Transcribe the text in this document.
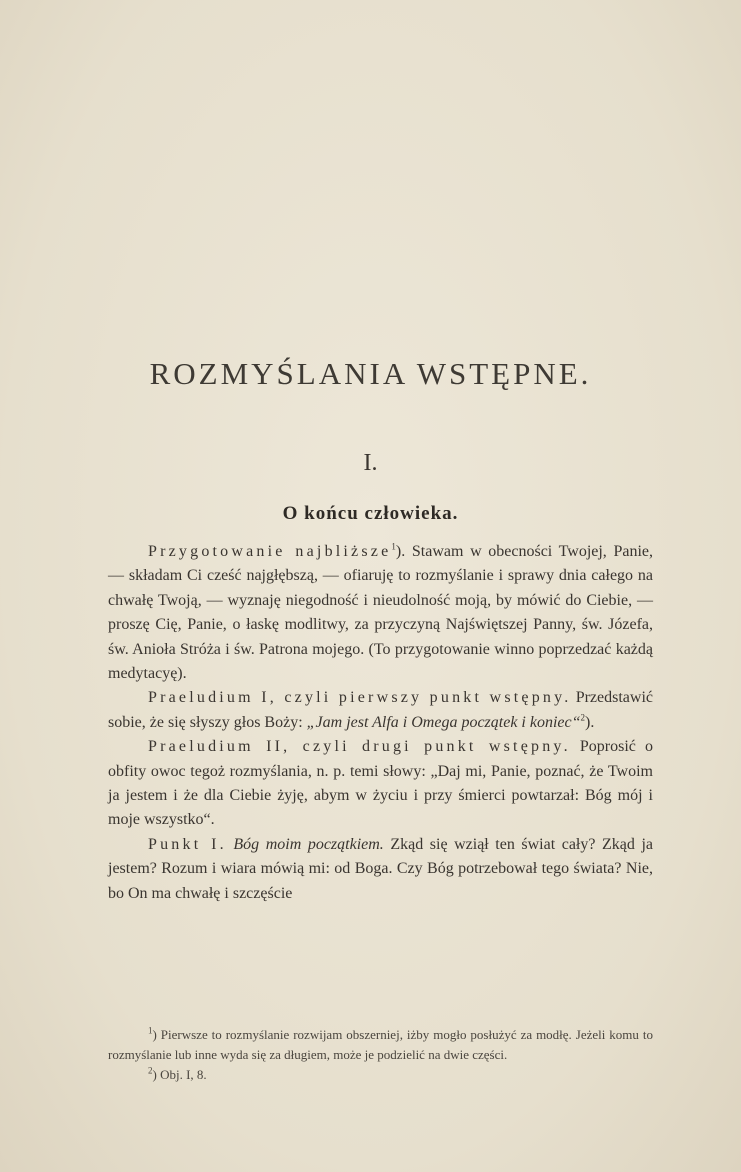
ROZMYŚLANIA WSTĘPNE.
I.
O końcu człowieka.

Przygotowanie najbliższe$^1$). Stawam w obecności Twojej, Panie, — składam Ci cześć najgłębszą, — ofiaruję to rozmyślanie i sprawy dnia całego na chwałę Twoją, — wyznaję niegodność i nieudolność moją, by mówić do Ciebie, — proszę Cię, Panie, o łaskę modlitwy, za przyczyną Najświętszej Panny, św. Józefa, św. Anioła Stróża i św. Patrona mojego. (To przygotowanie winno poprzedzać każdą medytacyę).

Praeludium I, czyli pierwszy punkt wstępny. Przedstawić sobie, że się słyszy głos Boży: „Jam jest Alfa i Omega początek i koniec“$^2$).

Praeludium II, czyli drugi punkt wstępny. Poprosić o obfity owoc tegoż rozmyślania, n. p. temi słowy: „Daj mi, Panie, poznać, że Twoim ja jestem i że dla Ciebie żyję, abym w życiu i przy śmierci powtarzał: Bóg mój i moje wszystko“.

Punkt I. Bóg moim początkiem. Zkąd się wziął ten świat cały? Zkąd ja jestem? Rozum i wiara mówią mi: od Boga. Czy Bóg potrzebował tego świata? Nie, bo On ma chwałę i szczęście

$^1$) Pierwsze to rozmyślanie rozwijam obszerniej, iżby mogło posłużyć za modłę. Jeżeli komu to rozmyślanie lub inne wyda się za długiem, może je podzielić na dwie części.

$^2$) Obj. I, 8.
